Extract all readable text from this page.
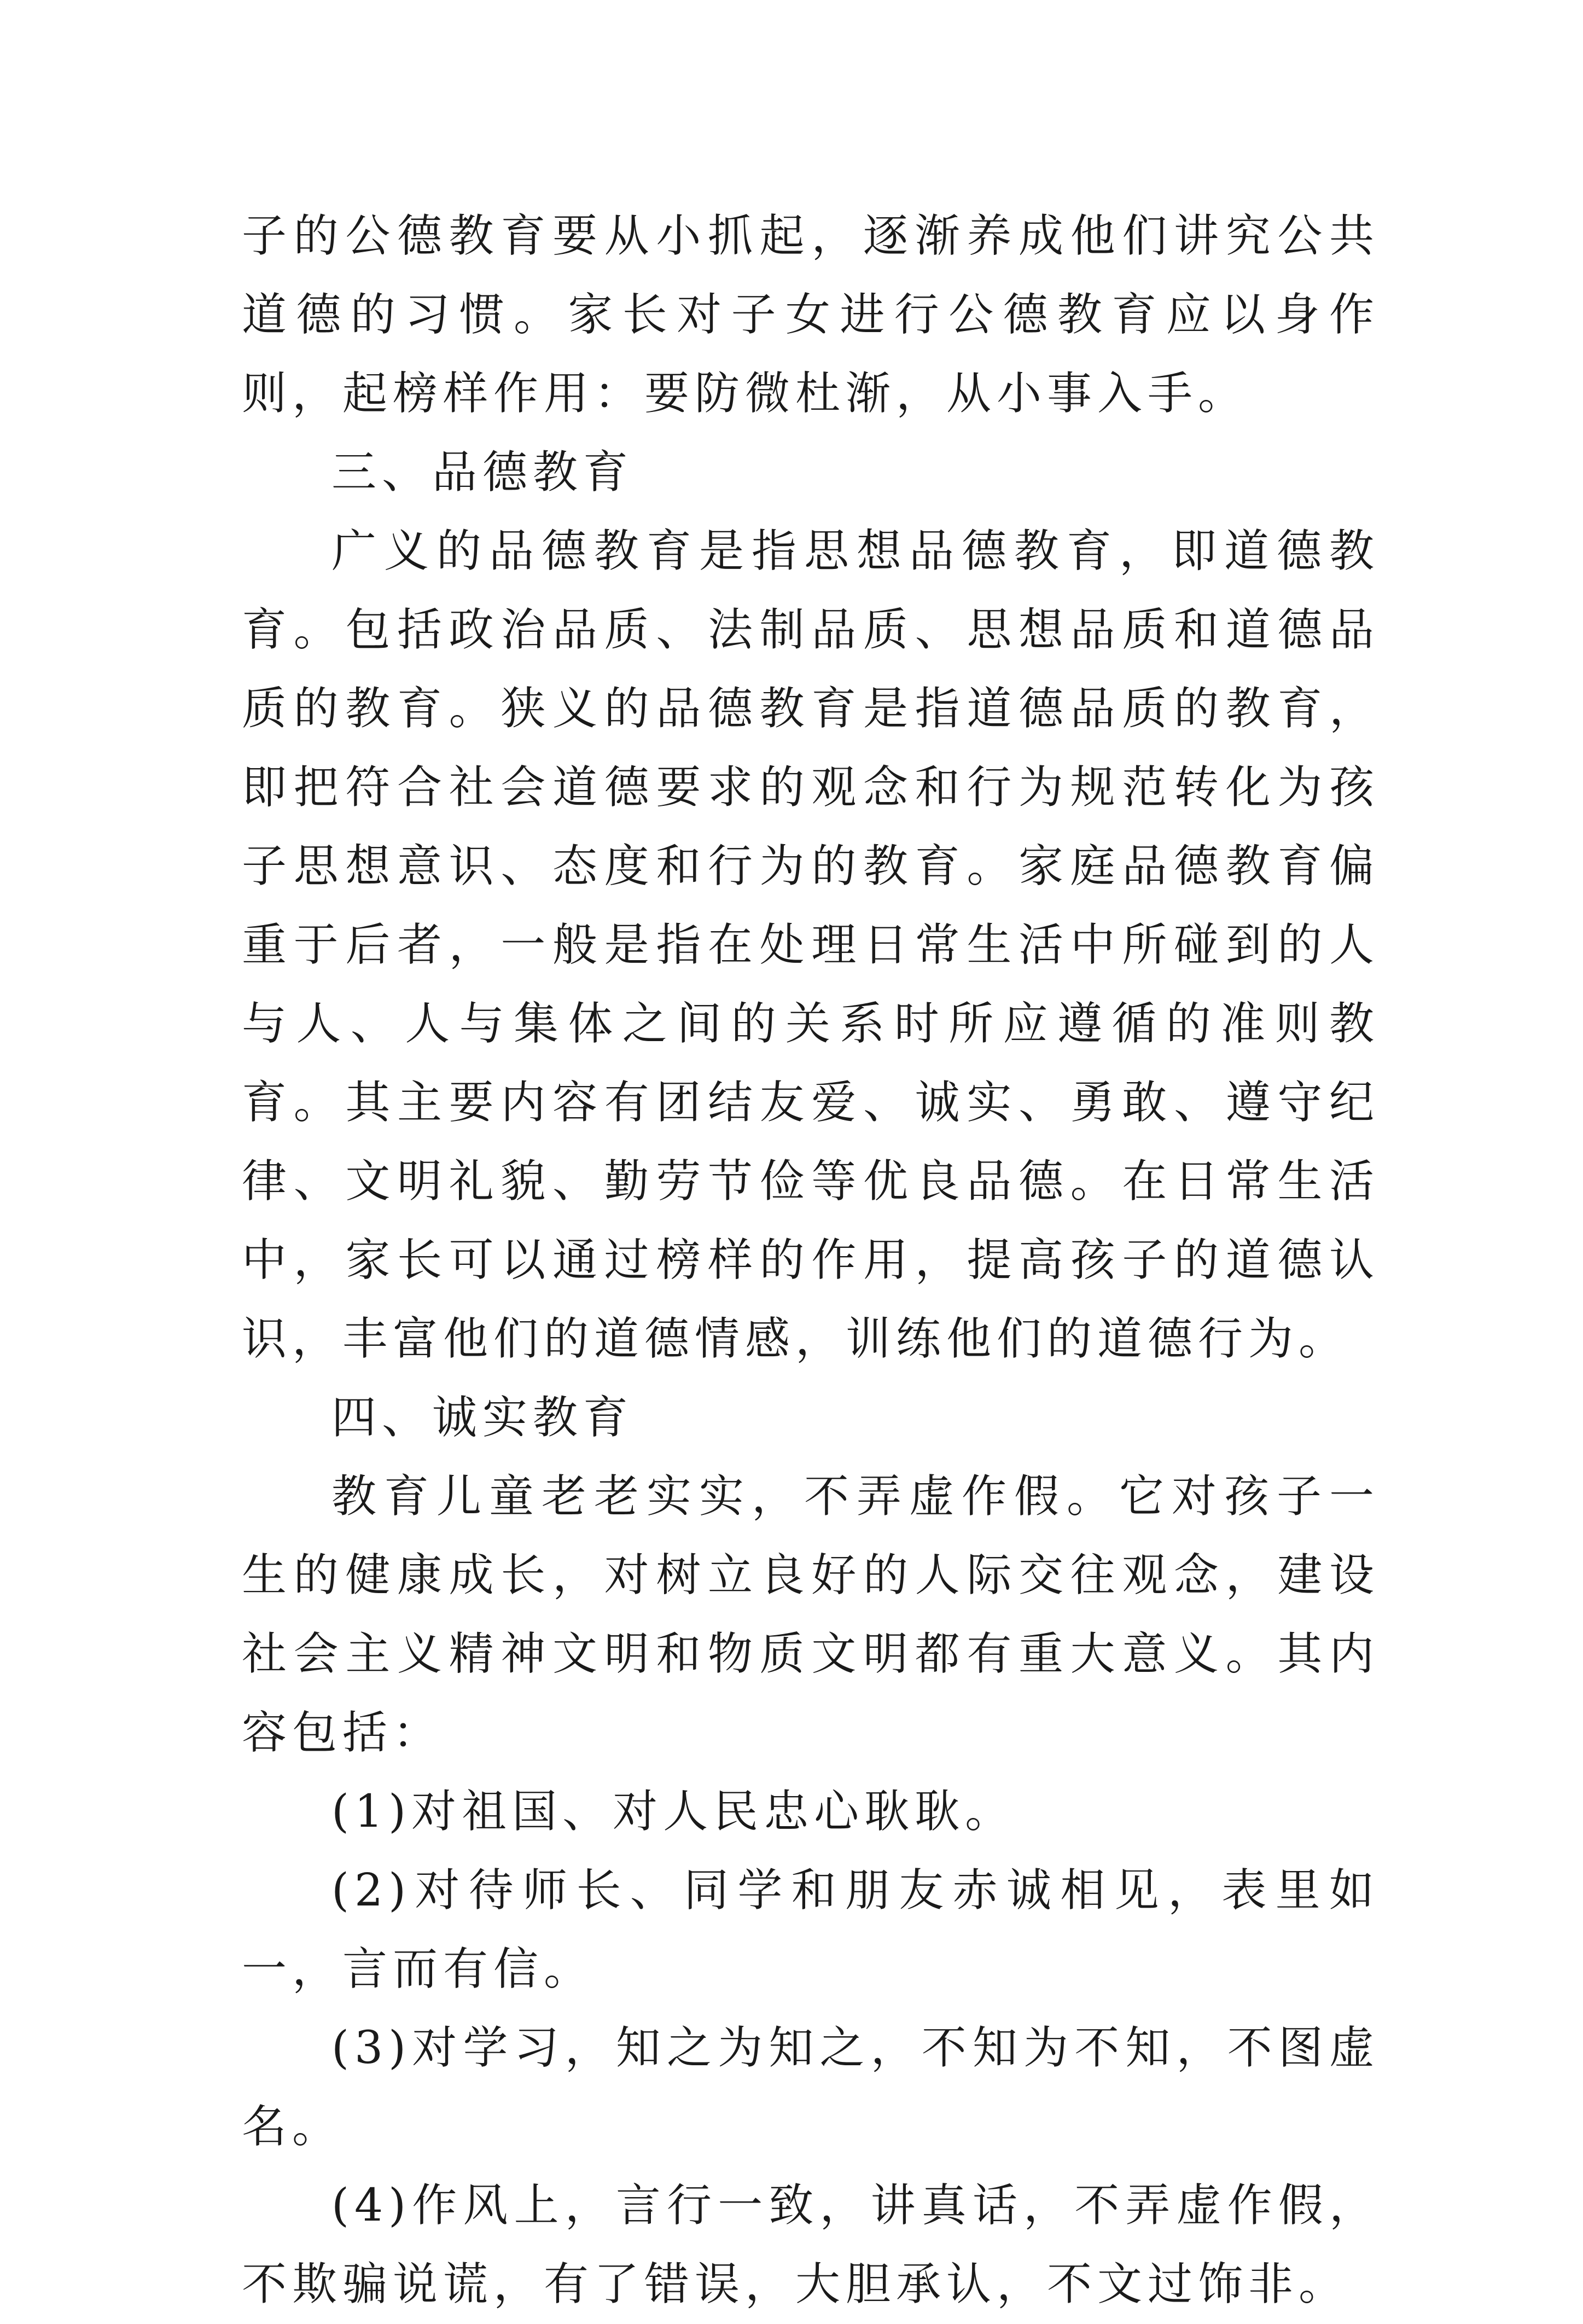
子的公德教育要从小抓起，逐渐养成他们讲究公共道德的习惯。家长对子女进行公德教育应以身作则，起榜样作用：要防微杜渐，从小事入手。

三、品德教育

广义的品德教育是指思想品德教育，即道德教育。包括政治品质、法制品质、思想品质和道德品质的教育。狭义的品德教育是指道德品质的教育，即把符合社会道德要求的观念和行为规范转化为孩子思想意识、态度和行为的教育。家庭品德教育偏重于后者，一般是指在处理日常生活中所碰到的人与人、人与集体之间的关系时所应遵循的准则教育。其主要内容有团结友爱、诚实、勇敢、遵守纪律、文明礼貌、勤劳节俭等优良品德。在日常生活中，家长可以通过榜样的作用，提高孩子的道德认识，丰富他们的道德情感，训练他们的道德行为。

四、诚实教育

教育儿童老老实实，不弄虚作假。它对孩子一生的健康成长，对树立良好的人际交往观念，建设社会主义精神文明和物质文明都有重大意义。其内容包括：

(1)对祖国、对人民忠心耿耿。

(2)对待师长、同学和朋友赤诚相见，表里如一，言而有信。

(3)对学习，知之为知之，不知为不知，不图虚名。

(4)作风上，言行一致，讲真话，不弄虚作假，不欺骗说谎，有了错误，大胆承认，不文过饰非。
